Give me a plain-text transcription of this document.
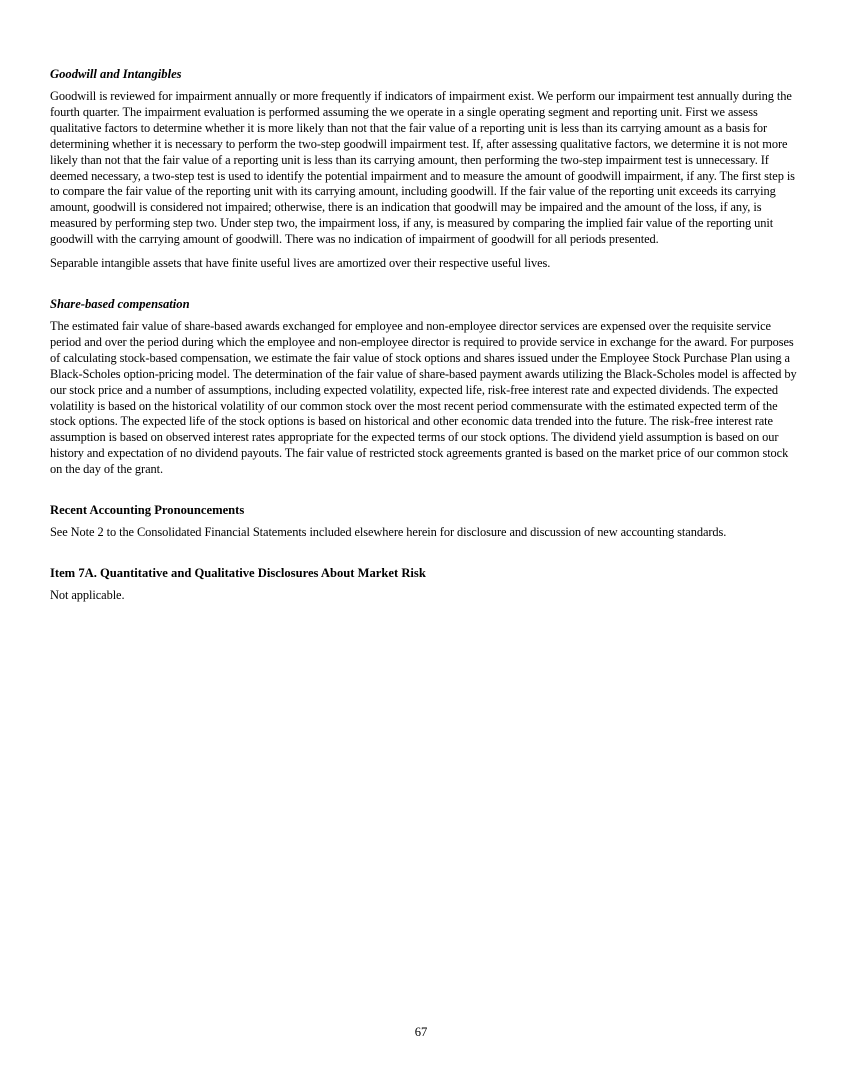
Goodwill and Intangibles

Goodwill is reviewed for impairment annually or more frequently if indicators of impairment exist. We perform our impairment test annually during the fourth quarter. The impairment evaluation is performed assuming the we operate in a single operating segment and reporting unit. First we assess qualitative factors to determine whether it is more likely than not that the fair value of a reporting unit is less than its carrying amount as a basis for determining whether it is necessary to perform the two-step goodwill impairment test. If, after assessing qualitative factors, we determine it is not more likely than not that the fair value of a reporting unit is less than its carrying amount, then performing the two-step impairment test is unnecessary. If deemed necessary, a two-step test is used to identify the potential impairment and to measure the amount of goodwill impairment, if any. The first step is to compare the fair value of the reporting unit with its carrying amount, including goodwill. If the fair value of the reporting unit exceeds its carrying amount, goodwill is considered not impaired; otherwise, there is an indication that goodwill may be impaired and the amount of the loss, if any, is measured by performing step two. Under step two, the impairment loss, if any, is measured by comparing the implied fair value of the reporting unit goodwill with the carrying amount of goodwill. There was no indication of impairment of goodwill for all periods presented.

Separable intangible assets that have finite useful lives are amortized over their respective useful lives.

Share-based compensation

The estimated fair value of share-based awards exchanged for employee and non-employee director services are expensed over the requisite service period and over the period during which the employee and non-employee director is required to provide service in exchange for the award. For purposes of calculating stock-based compensation, we estimate the fair value of stock options and shares issued under the Employee Stock Purchase Plan using a Black-Scholes option-pricing model. The determination of the fair value of share-based payment awards utilizing the Black-Scholes model is affected by our stock price and a number of assumptions, including expected volatility, expected life, risk-free interest rate and expected dividends. The expected volatility is based on the historical volatility of our common stock over the most recent period commensurate with the estimated expected term of the stock options. The expected life of the stock options is based on historical and other economic data trended into the future. The risk-free interest rate assumption is based on observed interest rates appropriate for the expected terms of our stock options. The dividend yield assumption is based on our history and expectation of no dividend payouts. The fair value of restricted stock agreements granted is based on the market price of our common stock on the day of the grant.

Recent Accounting Pronouncements

See Note 2 to the Consolidated Financial Statements included elsewhere herein for disclosure and discussion of new accounting standards.

Item 7A. Quantitative and Qualitative Disclosures About Market Risk

Not applicable.

67
